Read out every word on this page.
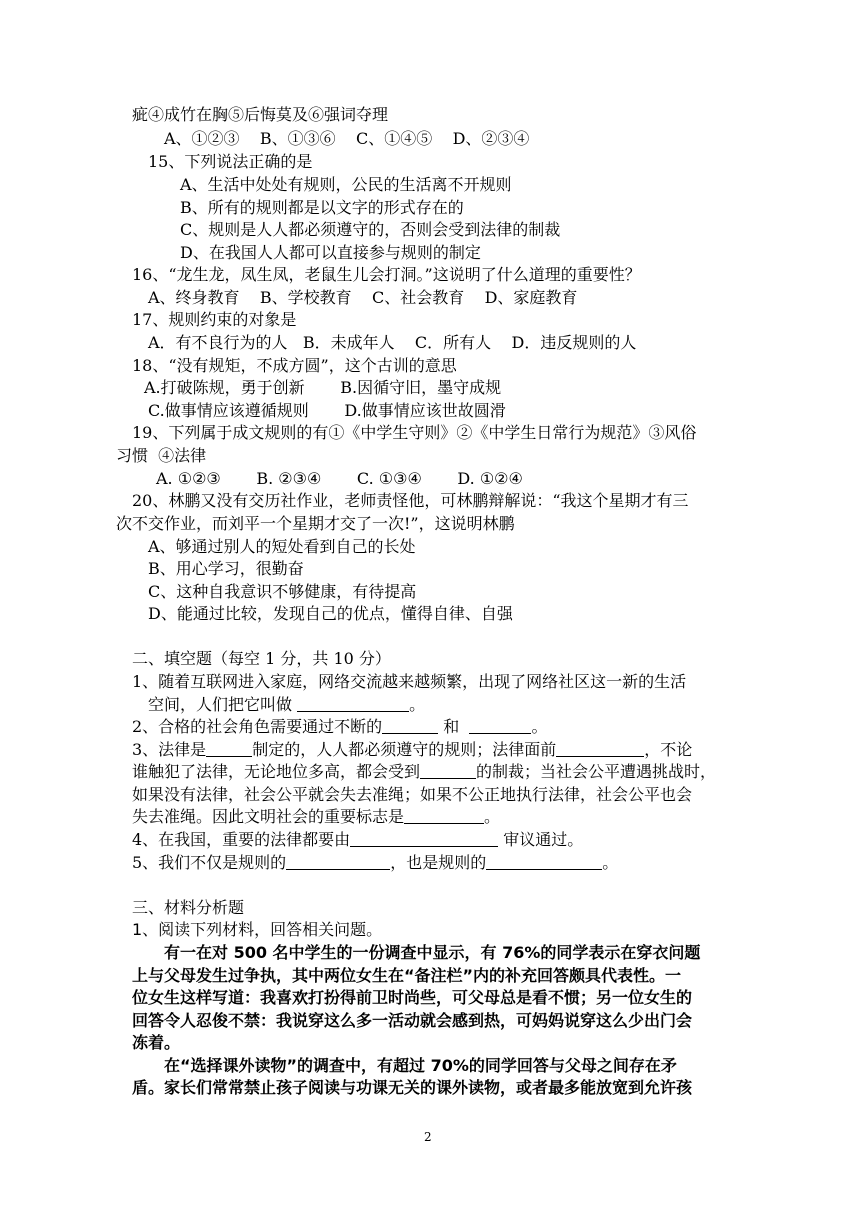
疵④成竹在胸⑤后悔莫及⑥强词夺理
A、①②③    B、①③⑥    C、①④⑤    D、②③④
15、下列说法正确的是
A、生活中处处有规则，公民的生活离不开规则
B、所有的规则都是以文字的形式存在的
C、规则是人人都必须遵守的，否则会受到法律的制裁
D、在我国人人都可以直接参与规则的制定
16、“龙生龙，凤生凤，老鼠生儿会打洞。”这说明了什么道理的重要性？
A、终身教育    B、学校教育    C、社会教育    D、家庭教育
17、规则约束的对象是
A．有不良行为的人   B．未成年人    C．所有人    D．违反规则的人
18、“没有规矩，不成方圆”，这个古训的意思
A.打破陈规，勇于创新       B.因循守旧，墨守成规
C.做事情应该遵循规则       D.做事情应该世故圆滑
19、下列属于成文规则的有①《中学生守则》②《中学生日常行为规范》③风俗
习惯  ④法律
A. ①②③       B. ②③④       C. ①③④       D. ①②④
20、林鹏又没有交历社作业，老师责怪他，可林鹏辩解说：“我这个星期才有三
次不交作业，而刘平一个星期才交了一次!”，这说明林鹏
A、够通过别人的短处看到自己的长处
B、用心学习，很勤奋
C、这种自我意识不够健康，有待提高
D、能通过比较，发现自己的优点，懂得自律、自强
二、填空题（每空 1 分，共 10 分）
1、随着互联网进入家庭，网络交流越来越频繁，出现了网络社区这一新的生活
空间，人们把它叫做	。
2、合格的社会角色需要通过不断的	和	。
3、法律是	制定的，人人都必须遵守的规则；法律面前	，不论
谁触犯了法律，无论地位多高，都会受到	的制裁；当社会公平遭遇挑战时，
如果没有法律，社会公平就会失去准绳；如果不公正地执行法律，社会公平也会
失去准绳。因此文明社会的重要标志是	。
4、在我国，重要的法律都要由	审议通过。
5、我们不仅是规则的	，也是规则的	。
三、材料分析题
1、阅读下列材料，回答相关问题。
有一在对 500 名中学生的一份调查中显示，有 76%的同学表示在穿衣问题
上与父母发生过争执，其中两位女生在“备注栏”内的补充回答颇具代表性。一
位女生这样写道：我喜欢打扮得前卫时尚些，可父母总是看不惯；另一位女生的
回答令人忍俊不禁：我说穿这么多一活动就会感到热，可妈妈说穿这么少出门会
冻着。
在“选择课外读物”的调查中，有超过 70%的同学回答与父母之间存在矛
盾。家长们常常禁止孩子阅读与功课无关的课外读物，或者最多能放宽到允许孩
2
